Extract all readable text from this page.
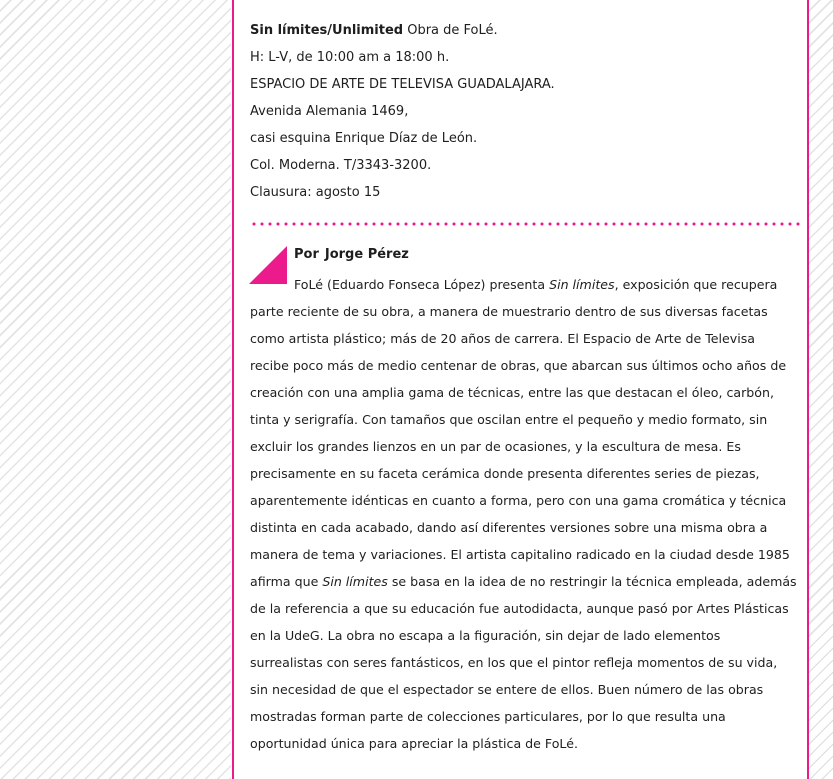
Sin límites/Unlimited Obra de FoLé.
H: L-V, de 10:00 am a 18:00 h.
ESPACIO DE ARTE DE TELEVISA GUADALAJARA.
Avenida Alemania 1469,
casi esquina Enrique Díaz de León.
Col. Moderna. T/3343-3200.
Clausura: agosto 15
Por Jorge Pérez
FoLé (Eduardo Fonseca López) presenta Sin límites, exposición que recupera
parte reciente de su obra, a manera de muestrario dentro de sus diversas facetas
como artista plástico; más de 20 años de carrera. El Espacio de Arte de Televisa
recibe poco más de medio centenar de obras, que abarcan sus últimos ocho años de
creación con una amplia gama de técnicas, entre las que destacan el óleo, carbón,
tinta y serigrafía. Con tamaños que oscilan entre el pequeño y medio formato, sin
excluir los grandes lienzos en un par de ocasiones, y la escultura de mesa. Es
precisamente en su faceta cerámica donde presenta diferentes series de piezas,
aparentemente idénticas en cuanto a forma, pero con una gama cromática y técnica
distinta en cada acabado, dando así diferentes versiones sobre una misma obra a
manera de tema y variaciones. El artista capitalino radicado en la ciudad desde 1985
afirma que Sin límites se basa en la idea de no restringir la técnica empleada, además
de la referencia a que su educación fue autodidacta, aunque pasó por Artes Plásticas
en la UdeG. La obra no escapa a la figuración, sin dejar de lado elementos
surrealistas con seres fantásticos, en los que el pintor refleja momentos de su vida,
sin necesidad de que el espectador se entere de ellos. Buen número de las obras
mostradas forman parte de colecciones particulares, por lo que resulta una
oportunidad única para apreciar la plástica de FoLé.
